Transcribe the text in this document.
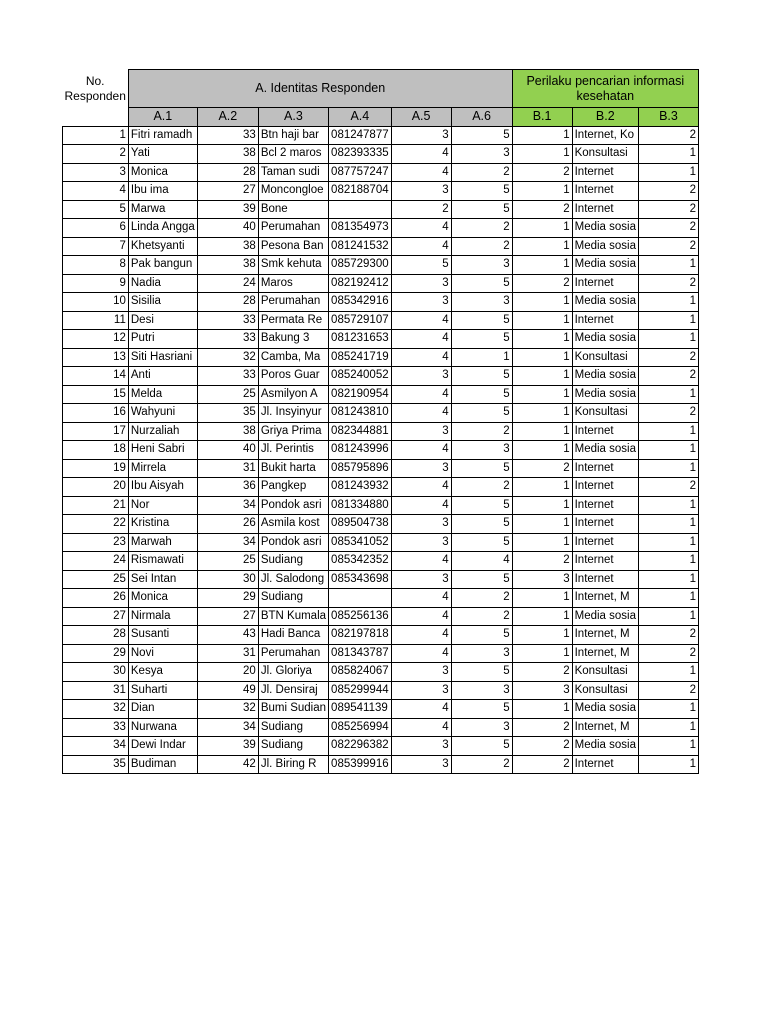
No. Responden	A. Identitas Responden						Perilaku pencarian informasi kesehatan		
	A.1	A.2	A.3	A.4	A.5	A.6	B.1	B.2	B.3
1	Fitri ramadh	33	Btn haji bar	081247877	3	5	1	Internet, Ko	2
2	Yati	38	Bcl 2 maros	082393335	4	3	1	Konsultasi	1
3	Monica	28	Taman sudi	087757247	4	2	2	Internet	1
4	Ibu ima	27	Moncongloe	082188704	3	5	1	Internet	2
5	Marwa	39	Bone		2	5	2	Internet	2
6	Linda Angga	40	Perumahan	081354973	4	2	1	Media sosia	2
7	Khetsyanti	38	Pesona Ban	081241532	4	2	1	Media sosia	2
8	Pak bangun	38	Smk kehuta	085729300	5	3	1	Media sosia	1
9	Nadia	24	Maros	082192412	3	5	2	Internet	2
10	Sisilia	28	Perumahan	085342916	3	3	1	Media sosia	1
11	Desi	33	Permata Re	085729107	4	5	1	Internet	1
12	Putri	33	Bakung 3	081231653	4	5	1	Media sosia	1
13	Siti Hasriani	32	Camba, Ma	085241719	4	1	1	Konsultasi	2
14	Anti	33	Poros Guar	085240052	3	5	1	Media sosia	2
15	Melda	25	Asmilyon A	082190954	4	5	1	Media sosia	1
16	Wahyuni	35	Jl. Insyinyur	081243810	4	5	1	Konsultasi	2
17	Nurzaliah	38	Griya Prima	082344881	3	2	1	Internet	1
18	Heni Sabri	40	Jl. Perintis	081243996	4	3	1	Media sosia	1
19	Mirrela	31	Bukit harta	085795896	3	5	2	Internet	1
20	Ibu Aisyah	36	Pangkep	081243932	4	2	1	Internet	2
21	Nor	34	Pondok asri	081334880	4	5	1	Internet	1
22	Kristina	26	Asmila kost	089504738	3	5	1	Internet	1
23	Marwah	34	Pondok asri	085341052	3	5	1	Internet	1
24	Rismawati	25	Sudiang	085342352	4	4	2	Internet	1
25	Sei Intan	30	Jl. Salodong	085343698	3	5	3	Internet	1
26	Monica	29	Sudiang		4	2	1	Internet, M	1
27	Nirmala	27	BTN Kumala	085256136	4	2	1	Media sosia	1
28	Susanti	43	Hadi Banca	082197818	4	5	1	Internet, M	2
29	Novi	31	Perumahan	081343787	4	3	1	Internet, M	2
30	Kesya	20	Jl. Gloriya	085824067	3	5	2	Konsultasi	1
31	Suharti	49	Jl. Densiraj	085299944	3	3	3	Konsultasi	2
32	Dian	32	Bumi Sudian	089541139	4	5	1	Media sosia	1
33	Nurwana	34	Sudiang	085256994	4	3	2	Internet, M	1
34	Dewi Indar	39	Sudiang	082296382	3	5	2	Media sosia	1
35	Budiman	42	Jl. Biring R	085399916	3	2	2	Internet	1
